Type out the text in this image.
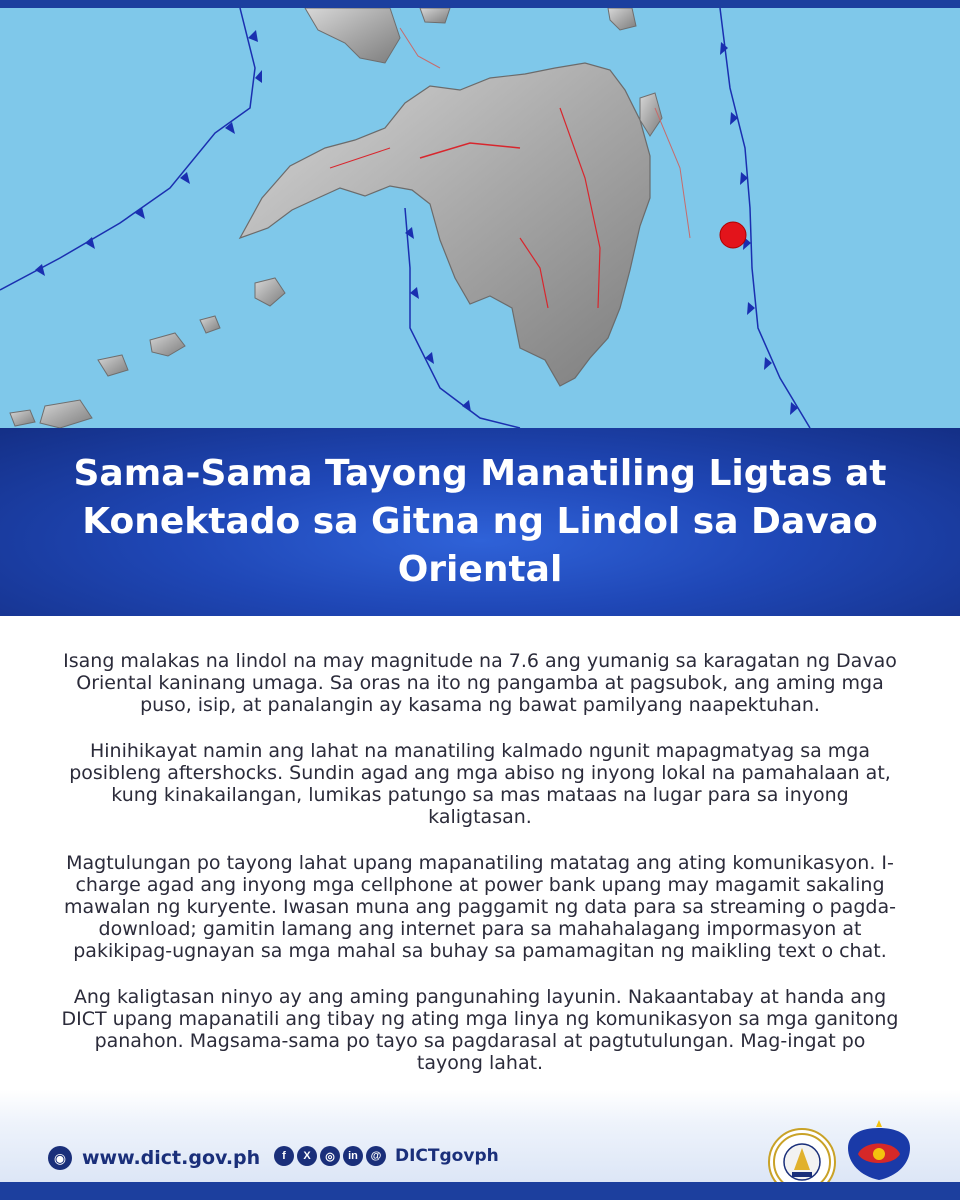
Sama-Sama Tayong Manatiling Ligtas at Konektado sa Gitna ng Lindol sa Davao Oriental

Isang malakas na lindol na may magnitude na 7.6 ang yumanig sa karagatan ng Davao Oriental kaninang umaga. Sa oras na ito ng pangamba at pagsubok, ang aming mga puso, isip, at panalangin ay kasama ng bawat pamilyang naapektuhan.

Hinihikayat namin ang lahat na manatiling kalmado ngunit mapagmatyag sa mga posibleng aftershocks. Sundin agad ang mga abiso ng inyong lokal na pamahalaan at, kung kinakailangan, lumikas patungo sa mas mataas na lugar para sa inyong kaligtasan.

Magtulungan po tayong lahat upang mapanatiling matatag ang ating komunikasyon. I-charge agad ang inyong mga cellphone at power bank upang may magamit sakaling mawalan ng kuryente. Iwasan muna ang paggamit ng data para sa streaming o pagda-download; gamitin lamang ang internet para sa mahahalagang impormasyon at pakikipag-ugnayan sa mga mahal sa buhay sa pamamagitan ng maikling text o chat.

Ang kaligtasan ninyo ay ang aming pangunahing layunin. Nakaantabay at handa ang DICT upang mapanatili ang tibay ng ating mga linya ng komunikasyon sa mga ganitong panahon. Magsama-sama po tayo sa pagdarasal at pagtutulungan. Mag-ingat po tayong lahat.

◉ www.dict.gov.ph	f	X	◎	in	@ DICTgovph
